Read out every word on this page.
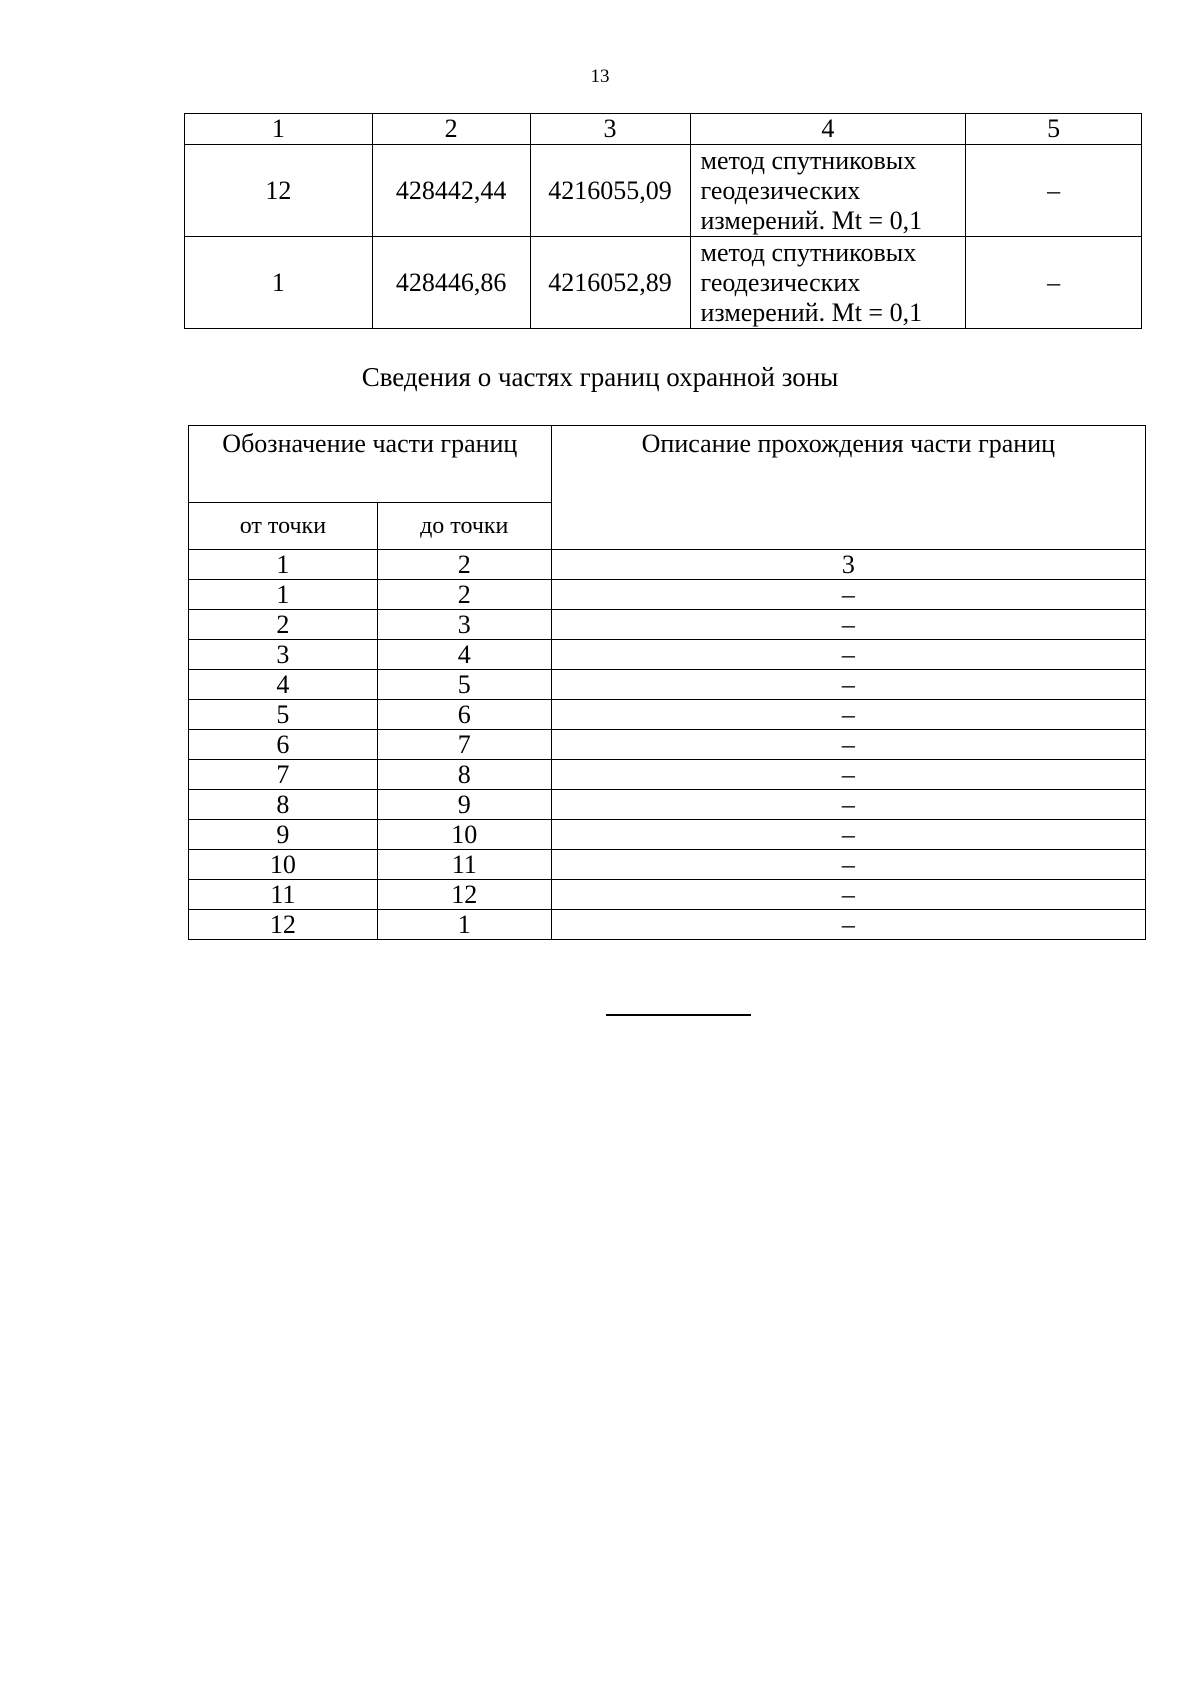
13
1	2	3	4	5
12	428442,44	4216055,09	метод спутниковых
геодезических
измерений. Mt = 0,1	–
1	428446,86	4216052,89	метод спутниковых
геодезических
измерений. Mt = 0,1	–
Сведения о частях границ охранной зоны
Обозначение части границ		Описание прохождения части границ
от точки	до точки	
1	2	3
1	2	–
2	3	–
3	4	–
4	5	–
5	6	–
6	7	–
7	8	–
8	9	–
9	10	–
10	11	–
11	12	–
12	1	–
